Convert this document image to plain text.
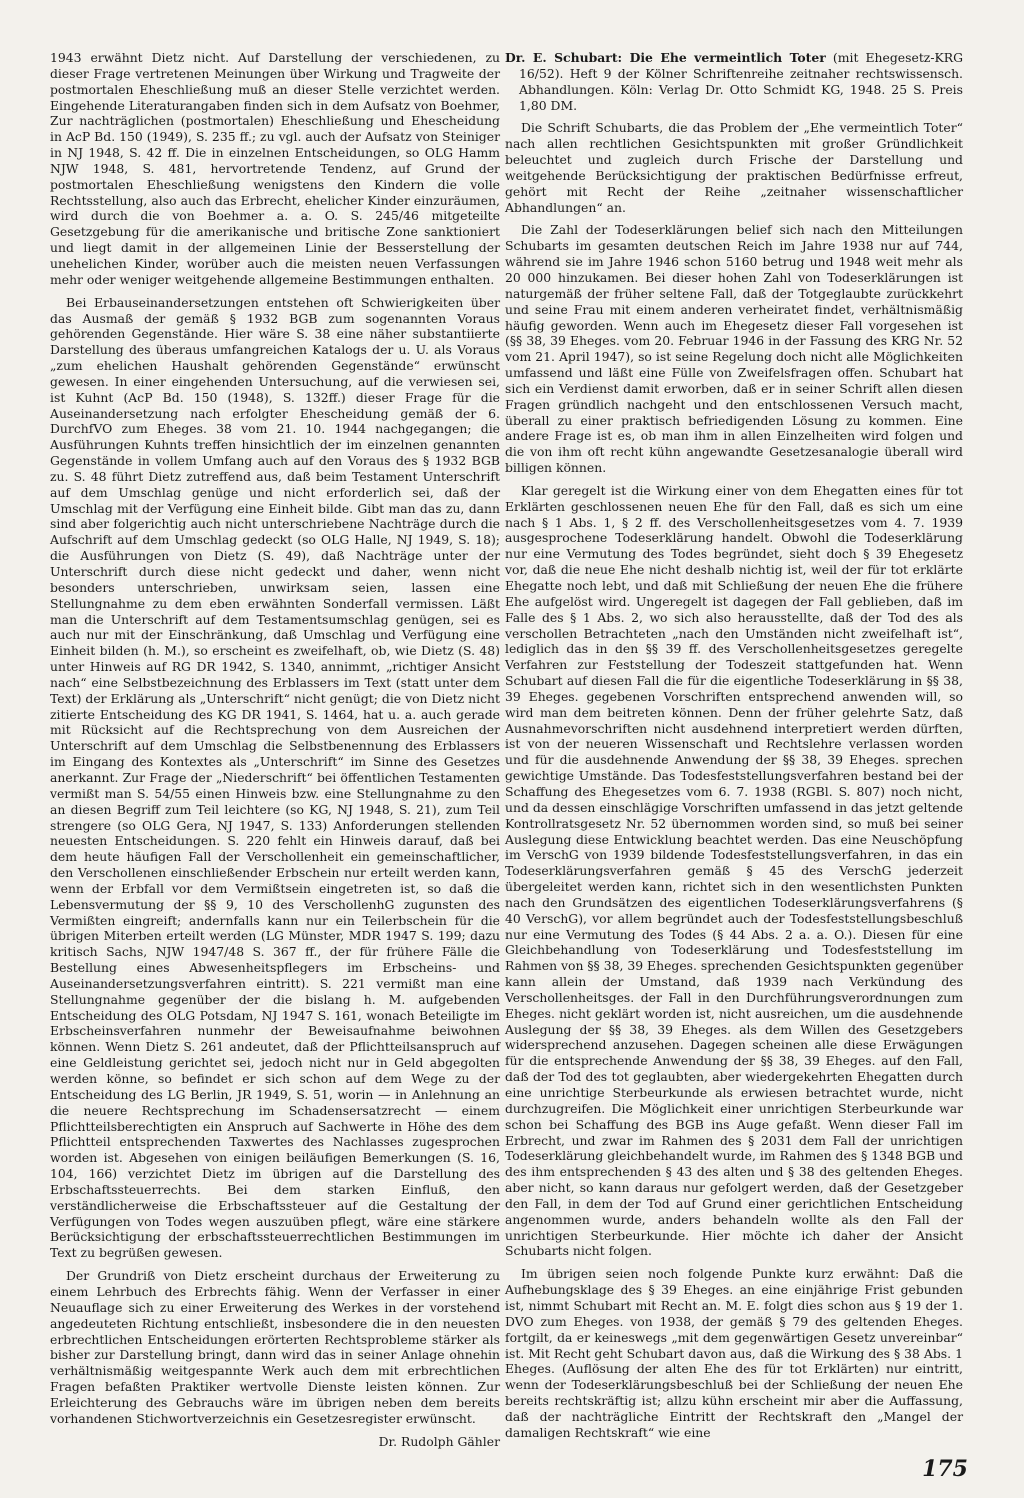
1943 erwähnt Dietz nicht. Auf Darstellung der verschiedenen, zu dieser Frage vertretenen Meinungen über Wirkung und Tragweite der postmortalen Eheschließung muß an dieser Stelle verzichtet werden. Eingehende Literaturangaben finden sich in dem Aufsatz von Boehmer, Zur nachträglichen (postmortalen) Eheschließung und Ehescheidung in AcP Bd. 150 (1949), S. 235 ff.; zu vgl. auch der Aufsatz von Steiniger in NJ 1948, S. 42 ff. Die in einzelnen Entscheidungen, so OLG Hamm NJW 1948, S. 481, hervortretende Tendenz, auf Grund der postmortalen Eheschließung wenigstens den Kindern die volle Rechtsstellung, also auch das Erbrecht, ehelicher Kinder einzuräumen, wird durch die von Boehmer a. a. O. S. 245/46 mitgeteilte Gesetzgebung für die amerikanische und britische Zone sanktioniert und liegt damit in der allgemeinen Linie der Besserstellung der unehelichen Kinder, worüber auch die meisten neuen Verfassungen mehr oder weniger weitgehende allgemeine Bestimmungen enthalten.

Bei Erbauseinandersetzungen entstehen oft Schwierigkeiten über das Ausmaß der gemäß § 1932 BGB zum sogenannten Voraus gehörenden Gegenstände. Hier wäre S. 38 eine näher substantiierte Darstellung des überaus umfangreichen Katalogs der u. U. als Voraus „zum ehelichen Haushalt gehörenden Gegenstände“ erwünscht gewesen. In einer eingehenden Untersuchung, auf die verwiesen sei, ist Kuhnt (AcP Bd. 150 (1948), S. 132ff.) dieser Frage für die Auseinandersetzung nach erfolgter Ehescheidung gemäß der 6. DurchfVO zum Eheges. 38 vom 21. 10. 1944 nachgegangen; die Ausführungen Kuhnts treffen hinsichtlich der im einzelnen genannten Gegenstände in vollem Umfang auch auf den Voraus des § 1932 BGB zu. S. 48 führt Dietz zutreffend aus, daß beim Testament Unterschrift auf dem Umschlag genüge und nicht erforderlich sei, daß der Umschlag mit der Verfügung eine Einheit bilde. Gibt man das zu, dann sind aber folgerichtig auch nicht unterschriebene Nachträge durch die Aufschrift auf dem Umschlag gedeckt (so OLG Halle, NJ 1949, S. 18); die Ausführungen von Dietz (S. 49), daß Nachträge unter der Unterschrift durch diese nicht gedeckt und daher, wenn nicht besonders unterschrieben, unwirksam seien, lassen eine Stellungnahme zu dem eben erwähnten Sonderfall vermissen. Läßt man die Unterschrift auf dem Testamentsumschlag genügen, sei es auch nur mit der Einschränkung, daß Umschlag und Verfügung eine Einheit bilden (h. M.), so erscheint es zweifelhaft, ob, wie Dietz (S. 48) unter Hinweis auf RG DR 1942, S. 1340, annimmt, „richtiger Ansicht nach“ eine Selbstbezeichnung des Erblassers im Text (statt unter dem Text) der Erklärung als „Unterschrift“ nicht genügt; die von Dietz nicht zitierte Entscheidung des KG DR 1941, S. 1464, hat u. a. auch gerade mit Rücksicht auf die Rechtsprechung von dem Ausreichen der Unterschrift auf dem Umschlag die Selbstbenennung des Erblassers im Eingang des Kontextes als „Unterschrift“ im Sinne des Gesetzes anerkannt. Zur Frage der „Niederschrift“ bei öffentlichen Testamenten vermißt man S. 54/55 einen Hinweis bzw. eine Stellungnahme zu den an diesen Begriff zum Teil leichtere (so KG, NJ 1948, S. 21), zum Teil strengere (so OLG Gera, NJ 1947, S. 133) Anforderungen stellenden neuesten Entscheidungen. S. 220 fehlt ein Hinweis darauf, daß bei dem heute häufigen Fall der Verschollenheit ein gemeinschaftlicher, den Verschollenen einschließender Erbschein nur erteilt werden kann, wenn der Erbfall vor dem Vermißtsein eingetreten ist, so daß die Lebensvermutung der §§ 9, 10 des VerschollenhG zugunsten des Vermißten eingreift; andernfalls kann nur ein Teilerbschein für die übrigen Miterben erteilt werden (LG Münster, MDR 1947 S. 199; dazu kritisch Sachs, NJW 1947/48 S. 367 ff., der für frühere Fälle die Bestellung eines Abwesenheitspflegers im Erbscheins- und Auseinandersetzungsverfahren eintritt). S. 221 vermißt man eine Stellungnahme gegenüber der die bislang h. M. aufgebenden Entscheidung des OLG Potsdam, NJ 1947 S. 161, wonach Beteiligte im Erbscheinsverfahren nunmehr der Beweisaufnahme beiwohnen können. Wenn Dietz S. 261 andeutet, daß der Pflichtteilsanspruch auf eine Geldleistung gerichtet sei, jedoch nicht nur in Geld abgegolten werden könne, so befindet er sich schon auf dem Wege zu der Entscheidung des LG Berlin, JR 1949, S. 51, worin — in Anlehnung an die neuere Rechtsprechung im Schadensersatzrecht — einem Pflichtteilsberechtigten ein Anspruch auf Sachwerte in Höhe des dem Pflichtteil entsprechenden Taxwertes des Nachlasses zugesprochen worden ist. Abgesehen von einigen beiläufigen Bemerkungen (S. 16, 104, 166) verzichtet Dietz im übrigen auf die Darstellung des Erbschaftssteuerrechts. Bei dem starken Einfluß, den verständlicherweise die Erbschaftssteuer auf die Gestaltung der Verfügungen von Todes wegen auszuüben pflegt, wäre eine stärkere Berücksichtigung der erbschaftssteuerrechtlichen Bestimmungen im Text zu begrüßen gewesen.

Der Grundriß von Dietz erscheint durchaus der Erweiterung zu einem Lehrbuch des Erbrechts fähig. Wenn der Verfasser in einer Neuauflage sich zu einer Erweiterung des Werkes in der vorstehend angedeuteten Richtung entschließt, insbesondere die in den neuesten erbrechtlichen Entscheidungen erörterten Rechtsprobleme stärker als bisher zur Darstellung bringt, dann wird das in seiner Anlage ohnehin verhältnismäßig weitgespannte Werk auch dem mit erbrechtlichen Fragen befaßten Praktiker wertvolle Dienste leisten können. Zur Erleichterung des Gebrauchs wäre im übrigen neben dem bereits vorhandenen Stichwortverzeichnis ein Gesetzesregister erwünscht.

Dr. Rudolph Gähler

Dr. E. Schubart: Die Ehe vermeintlich Toter (mit Ehegesetz-KRG 16/52). Heft 9 der Kölner Schriftenreihe zeitnaher rechtswissensch. Abhandlungen. Köln: Verlag Dr. Otto Schmidt KG, 1948. 25 S. Preis 1,80 DM.

Die Schrift Schubarts, die das Problem der „Ehe vermeintlich Toter“ nach allen rechtlichen Gesichtspunkten mit großer Gründlichkeit beleuchtet und zugleich durch Frische der Darstellung und weitgehende Berücksichtigung der praktischen Bedürfnisse erfreut, gehört mit Recht der Reihe „zeitnaher wissenschaftlicher Abhandlungen“ an.

Die Zahl der Todeserklärungen belief sich nach den Mitteilungen Schubarts im gesamten deutschen Reich im Jahre 1938 nur auf 744, während sie im Jahre 1946 schon 5160 betrug und 1948 weit mehr als 20 000 hinzukamen. Bei dieser hohen Zahl von Todeserklärungen ist naturgemäß der früher seltene Fall, daß der Totgeglaubte zurückkehrt und seine Frau mit einem anderen verheiratet findet, verhältnismäßig häufig geworden. Wenn auch im Ehegesetz dieser Fall vorgesehen ist (§§ 38, 39 Eheges. vom 20. Februar 1946 in der Fassung des KRG Nr. 52 vom 21. April 1947), so ist seine Regelung doch nicht alle Möglichkeiten umfassend und läßt eine Fülle von Zweifelsfragen offen. Schubart hat sich ein Verdienst damit erworben, daß er in seiner Schrift allen diesen Fragen gründlich nachgeht und den entschlossenen Versuch macht, überall zu einer praktisch befriedigenden Lösung zu kommen. Eine andere Frage ist es, ob man ihm in allen Einzelheiten wird folgen und die von ihm oft recht kühn angewandte Gesetzesanalogie überall wird billigen können.

Klar geregelt ist die Wirkung einer von dem Ehegatten eines für tot Erklärten geschlossenen neuen Ehe für den Fall, daß es sich um eine nach § 1 Abs. 1, § 2 ff. des Verschollenheitsgesetzes vom 4. 7. 1939 ausgesprochene Todeserklärung handelt. Obwohl die Todeserklärung nur eine Vermutung des Todes begründet, sieht doch § 39 Ehegesetz vor, daß die neue Ehe nicht deshalb nichtig ist, weil der für tot erklärte Ehegatte noch lebt, und daß mit Schließung der neuen Ehe die frühere Ehe aufgelöst wird. Ungeregelt ist dagegen der Fall geblieben, daß im Falle des § 1 Abs. 2, wo sich also herausstellte, daß der Tod des als verschollen Betrachteten „nach den Umständen nicht zweifelhaft ist“, lediglich das in den §§ 39 ff. des Verschollenheitsgesetzes geregelte Verfahren zur Feststellung der Todeszeit stattgefunden hat. Wenn Schubart auf diesen Fall die für die eigentliche Todeserklärung in §§ 38, 39 Eheges. gegebenen Vorschriften entsprechend anwenden will, so wird man dem beitreten können. Denn der früher gelehrte Satz, daß Ausnahmevorschriften nicht ausdehnend interpretiert werden dürften, ist von der neueren Wissenschaft und Rechtslehre verlassen worden und für die ausdehnende Anwendung der §§ 38, 39 Eheges. sprechen gewichtige Umstände. Das Todesfeststellungsverfahren bestand bei der Schaffung des Ehegesetzes vom 6. 7. 1938 (RGBl. S. 807) noch nicht, und da dessen einschlägige Vorschriften umfassend in das jetzt geltende Kontrollratsgesetz Nr. 52 übernommen worden sind, so muß bei seiner Auslegung diese Entwicklung beachtet werden. Das eine Neuschöpfung im VerschG von 1939 bildende Todesfeststellungsverfahren, in das ein Todeserklärungsverfahren gemäß § 45 des VerschG jederzeit übergeleitet werden kann, richtet sich in den wesentlichsten Punkten nach den Grundsätzen des eigentlichen Todeserklärungsverfahrens (§ 40 VerschG), vor allem begründet auch der Todesfeststellungsbeschluß nur eine Vermutung des Todes (§ 44 Abs. 2 a. a. O.). Diesen für eine Gleichbehandlung von Todeserklärung und Todesfeststellung im Rahmen von §§ 38, 39 Eheges. sprechenden Gesichtspunkten gegenüber kann allein der Umstand, daß 1939 nach Verkündung des Verschollenheitsges. der Fall in den Durchführungsverordnungen zum Eheges. nicht geklärt worden ist, nicht ausreichen, um die ausdehnende Auslegung der §§ 38, 39 Eheges. als dem Willen des Gesetzgebers widersprechend anzusehen. Dagegen scheinen alle diese Erwägungen für die entsprechende Anwendung der §§ 38, 39 Eheges. auf den Fall, daß der Tod des tot geglaubten, aber wiedergekehrten Ehegatten durch eine unrichtige Sterbeurkunde als erwiesen betrachtet wurde, nicht durchzugreifen. Die Möglichkeit einer unrichtigen Sterbeurkunde war schon bei Schaffung des BGB ins Auge gefaßt. Wenn dieser Fall im Erbrecht, und zwar im Rahmen des § 2031 dem Fall der unrichtigen Todeserklärung gleichbehandelt wurde, im Rahmen des § 1348 BGB und des ihm entsprechenden § 43 des alten und § 38 des geltenden Eheges. aber nicht, so kann daraus nur gefolgert werden, daß der Gesetzgeber den Fall, in dem der Tod auf Grund einer gerichtlichen Entscheidung angenommen wurde, anders behandeln wollte als den Fall der unrichtigen Sterbeurkunde. Hier möchte ich daher der Ansicht Schubarts nicht folgen.

Im übrigen seien noch folgende Punkte kurz erwähnt: Daß die Aufhebungsklage des § 39 Eheges. an eine einjährige Frist gebunden ist, nimmt Schubart mit Recht an. M. E. folgt dies schon aus § 19 der 1. DVO zum Eheges. von 1938, der gemäß § 79 des geltenden Eheges. fortgilt, da er keineswegs „mit dem gegenwärtigen Gesetz unvereinbar“ ist. Mit Recht geht Schubart davon aus, daß die Wirkung des § 38 Abs. 1 Eheges. (Auflösung der alten Ehe des für tot Erklärten) nur eintritt, wenn der Todeserklärungsbeschluß bei der Schließung der neuen Ehe bereits rechtskräftig ist; allzu kühn erscheint mir aber die Auffassung, daß der nachträgliche Eintritt der Rechtskraft den „Mangel der damaligen Rechtskraft“ wie eine

175
